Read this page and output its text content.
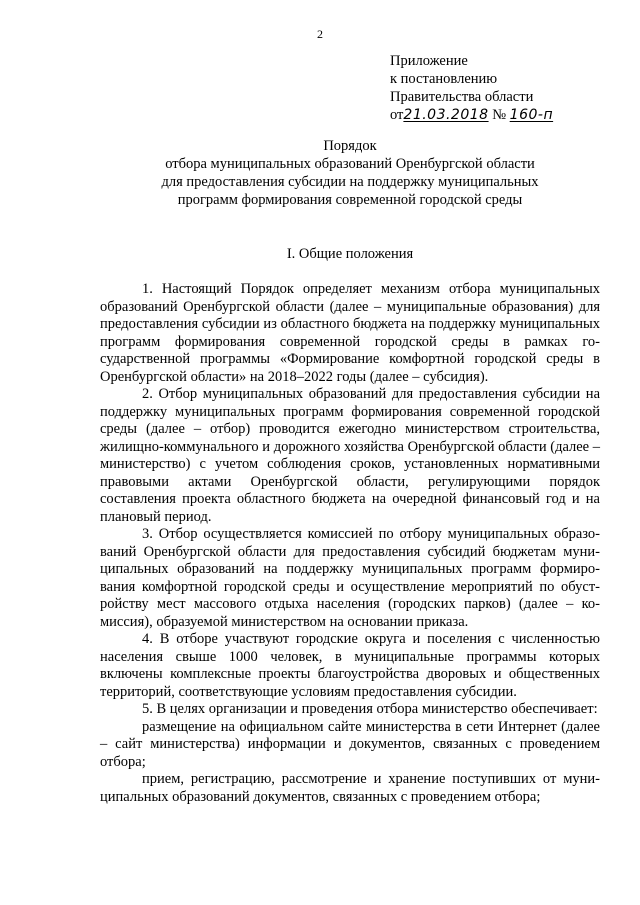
2
Приложение
к постановлению
Правительства области
от21.03.2018 № 160-п
Порядок
отбора муниципальных образований Оренбургской области
для предоставления субсидии на поддержку муниципальных
программ формирования современной городской среды
I. Общие положения

1. Настоящий Порядок определяет механизм отбора муниципальных образований Оренбургской области (далее – муниципальные образования) для предоставления субсидии из областного бюджета на поддержку муниципальных программ формирования современной городской среды в рамках государственной программы «Формирование комфортной городской среды в Оренбургской области» на 2018–2022 годы (далее – субсидия).

2. Отбор муниципальных образований для предоставления субсидии на поддержку муниципальных программ формирования современной городской среды (далее – отбор) проводится ежегодно министерством строительства, жилищно-коммунального и дорожного хозяйства Оренбургской области (далее – министерство) с учетом соблюдения сроков, установленных нормативными правовыми актами Оренбургской области, регулирующими порядок составления проекта областного бюджета на очередной финансовый год и на плановый период.

3. Отбор осуществляется комиссией по отбору муниципальных образований Оренбургской области для предоставления субсидий бюджетам муниципальных образований на поддержку муниципальных программ формирования комфортной городской среды и осуществление мероприятий по обустройству мест массового отдыха населения (городских парков) (далее – комиссия), образуемой министерством на основании приказа.

4. В отборе участвуют городские округа и поселения с численностью населения свыше 1000 человек, в муниципальные программы которых включены комплексные проекты благоустройства дворовых и общественных территорий, соответствующие условиям предоставления субсидии.

5. В целях организации и проведения отбора министерство обеспечивает:

размещение на официальном сайте министерства в сети Интернет (далее – сайт министерства) информации и документов, связанных с проведением отбора;

прием, регистрацию, рассмотрение и хранение поступивших от муниципальных образований документов, связанных с проведением отбора;
